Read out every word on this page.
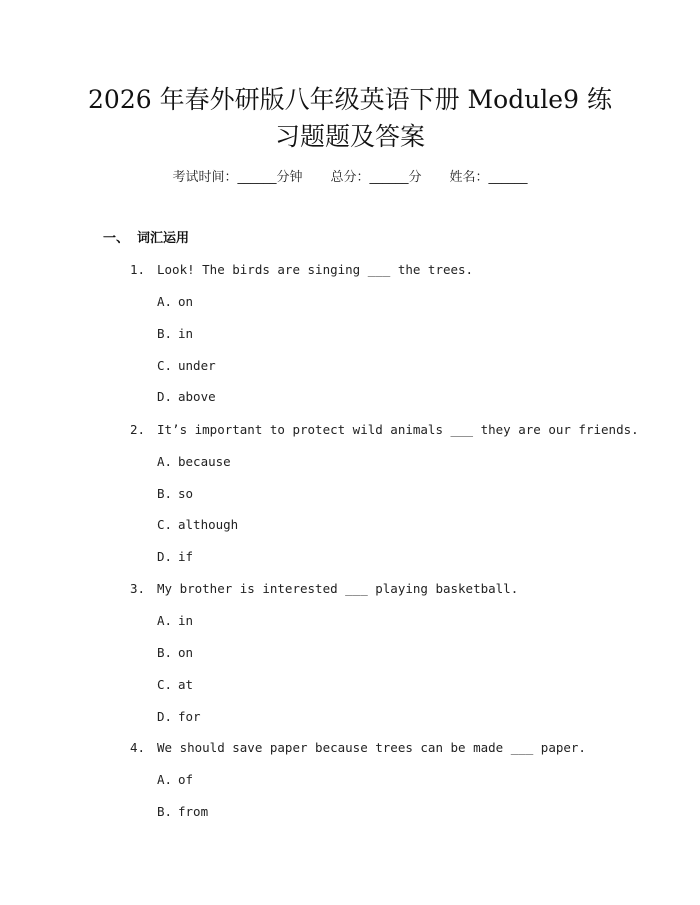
2026 年春外研版八年级英语下册 Module9 练
习题题及答案
考试时间：______分钟 总分：______分 姓名：______
一、 词汇运用
1. Look! The birds are singing ___ the trees.
A. on
B. in
C. under
D. above
2. It’s important to protect wild animals ___ they are our friends.
A. because
B. so
C. although
D. if
3. My brother is interested ___ playing basketball.
A. in
B. on
C. at
D. for
4. We should save paper because trees can be made ___ paper.
A. of
B. from
